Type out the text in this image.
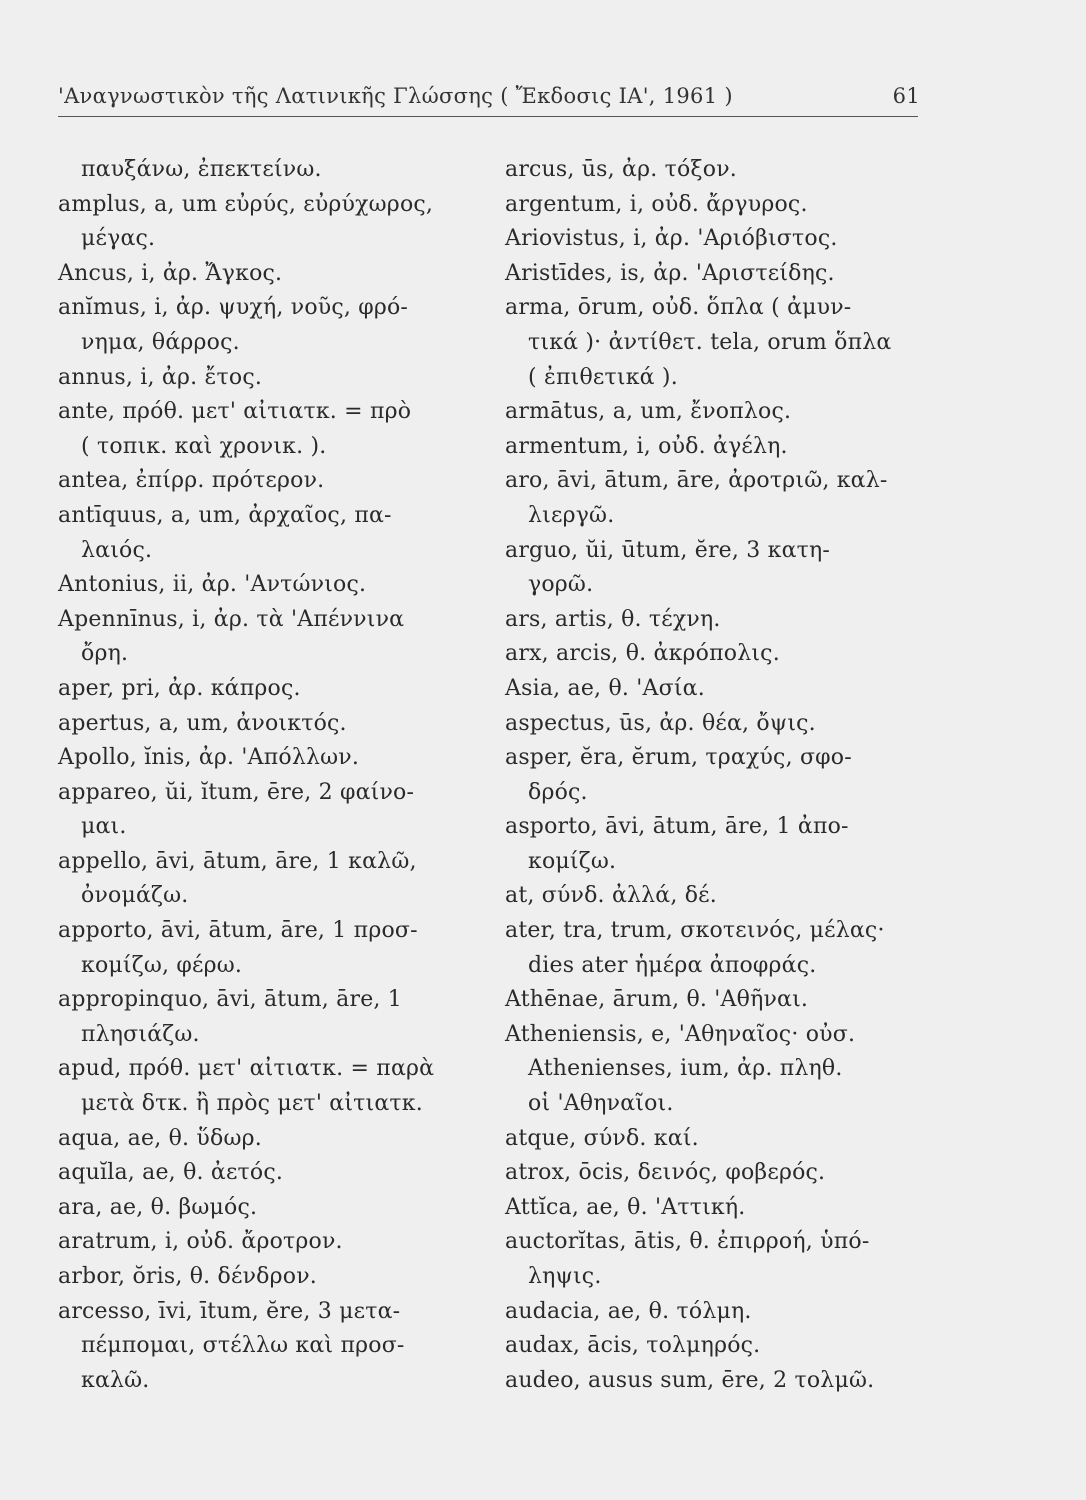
'Αναγνωστικὸν τῆς Λατινικῆς Γλώσσης ( Ἔκδοσις ΙΑ', 1961 )	61
παυξάνω, ἐπεκτείνω.
amplus, a, um εὐρύς, εὐρύχωρος,
μέγας.
Ancus, i, ἀρ. Ἄγκος.
anĭmus, i, ἀρ. ψυχή, νοῦς, φρό-
νημα, θάρρος.
annus, i, ἀρ. ἔτος.
ante, πρόθ. μετ' αἰτιατκ. = πρὸ
( τοπικ. καὶ χρονικ. ).
antea, ἐπίρρ. πρότερον.
antīquus, a, um, ἀρχαῖος, πα-
λαιός.
Antonius, ii, ἀρ. 'Αντώνιος.
Apennīnus, i, ἀρ. τὰ 'Απέννινα
ὄρη.
aper, pri, ἀρ. κάπρος.
apertus, a, um, ἀνοικτός.
Apollo, ĭnis, ἀρ. 'Απόλλων.
appareo, ŭi, ĭtum, ēre, 2 φαίνο-
μαι.
appello, āvi, ātum, āre, 1 καλῶ,
ὀνομάζω.
apporto, āvi, ātum, āre, 1 προσ-
κομίζω, φέρω.
appropinquo, āvi, ātum, āre, 1
πλησιάζω.
apud, πρόθ. μετ' αἰτιατκ. = παρὰ
μετὰ δτκ. ἢ πρὸς μετ' αἰτιατκ.
aqua, ae, θ. ὕδωρ.
aquĭla, ae, θ. ἀετός.
ara, ae, θ. βωμός.
aratrum, i, οὐδ. ἄροτρον.
arbor, ŏris, θ. δένδρον.
arcesso, īvi, ītum, ĕre, 3 μετα-
πέμπομαι, στέλλω καὶ προσ-
καλῶ.
arcus, ūs, ἀρ. τόξον.
argentum, i, οὐδ. ἄργυρος.
Ariovistus, i, ἀρ. 'Αριόβιστος.
Aristīdes, is, ἀρ. 'Αριστείδης.
arma, ōrum, οὐδ. ὅπλα ( ἀμυν-
τικά )· ἀντίθετ. tela, orum ὅπλα
( ἐπιθετικά ).
armātus, a, um, ἔνοπλος.
armentum, i, οὐδ. ἀγέλη.
aro, āvi, ātum, āre, ἀροτριῶ, καλ-
λιεργῶ.
arguo, ŭi, ūtum, ĕre, 3 κατη-
γορῶ.
ars, artis, θ. τέχνη.
arx, arcis, θ. ἀκρόπολις.
Asia, ae, θ. 'Ασία.
aspectus, ūs, ἀρ. θέα, ὄψις.
asper, ĕra, ĕrum, τραχύς, σφο-
δρός.
asporto, āvi, ātum, āre, 1 ἀπο-
κομίζω.
at, σύνδ. ἀλλά, δέ.
ater, tra, trum, σκοτεινός, μέλας·
dies ater ἡμέρα ἀποφράς.
Athēnae, ārum, θ. 'Αθῆναι.
Atheniensis, e, 'Αθηναῖος· οὐσ.
Athenienses, ium, ἀρ. πληθ.
οἱ 'Αθηναῖοι.
atque, σύνδ. καί.
atrox, ōcis, δεινός, φοβερός.
Attĭca, ae, θ. 'Αττική.
auctorĭtas, ātis, θ. ἐπιρροή, ὑπό-
ληψις.
audacia, ae, θ. τόλμη.
audax, ācis, τολμηρός.
audeo, ausus sum, ēre, 2 τολμῶ.
